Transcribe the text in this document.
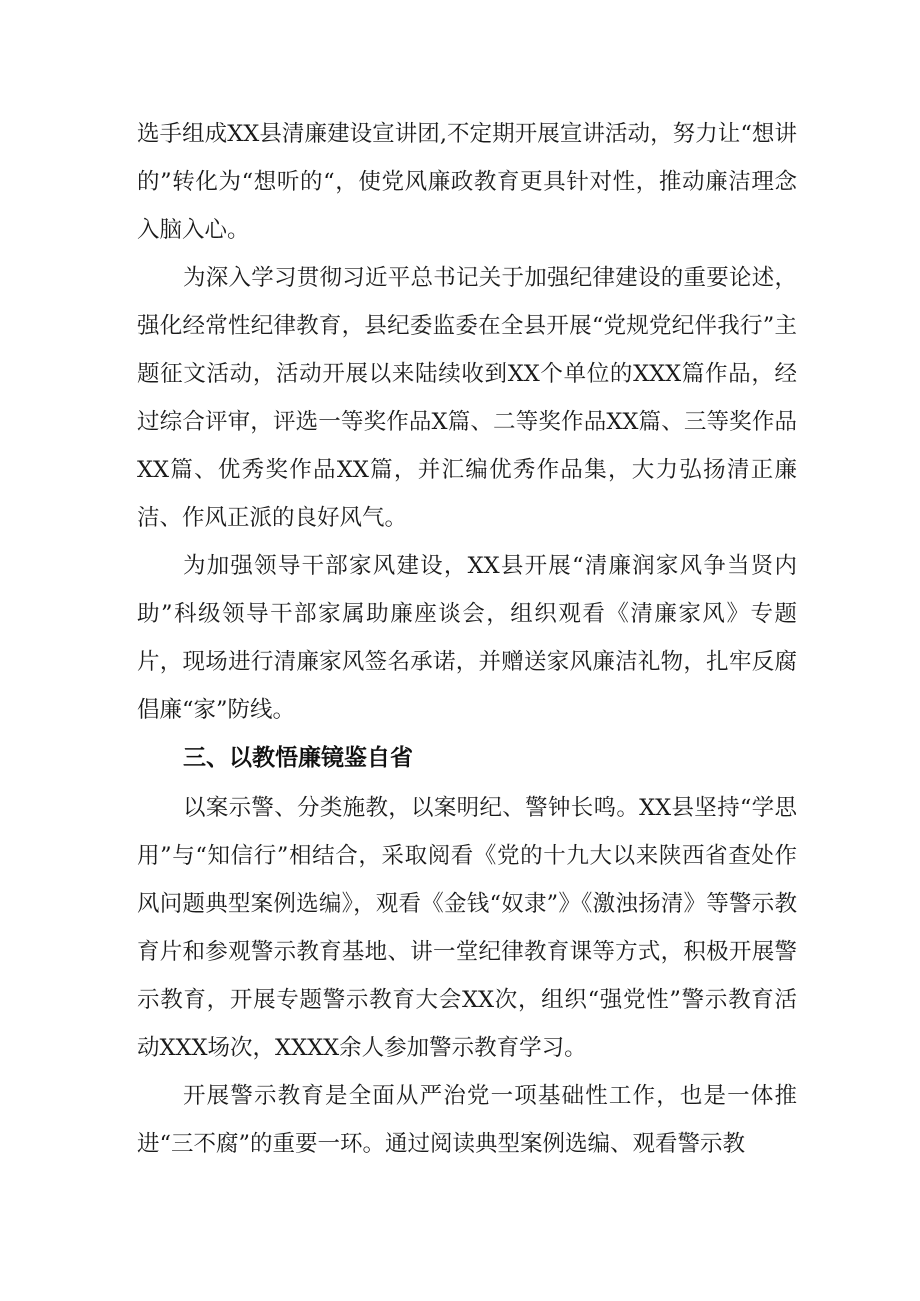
选手组成XX县清廉建设宣讲团,不定期开展宣讲活动，努力让“想讲的”转化为“想听的“，使党风廉政教育更具针对性，推动廉洁理念入脑入心。

为深入学习贯彻习近平总书记关于加强纪律建设的重要论述，强化经常性纪律教育，县纪委监委在全县开展“党规党纪伴我行”主题征文活动，活动开展以来陆续收到XX个单位的XXX篇作品，经过综合评审，评选一等奖作品X篇、二等奖作品XX篇、三等奖作品XX篇、优秀奖作品XX篇，并汇编优秀作品集，大力弘扬清正廉洁、作风正派的良好风气。

为加强领导干部家风建设，XX县开展“清廉润家风争当贤内助”科级领导干部家属助廉座谈会，组织观看《清廉家风》专题片，现场进行清廉家风签名承诺，并赠送家风廉洁礼物，扎牢反腐倡廉“家”防线。

三、以教悟廉镜鉴自省

以案示警、分类施教，以案明纪、警钟长鸣。XX县坚持“学思用”与“知信行”相结合，采取阅看《党的十九大以来陕西省查处作风问题典型案例选编》，观看《金钱“奴隶”》《激浊扬清》等警示教育片和参观警示教育基地、讲一堂纪律教育课等方式，积极开展警示教育，开展专题警示教育大会XX次，组织“强党性”警示教育活动XXX场次，XXXX余人参加警示教育学习。

开展警示教育是全面从严治党一项基础性工作，也是一体推进“三不腐”的重要一环。通过阅读典型案例选编、观看警示教
